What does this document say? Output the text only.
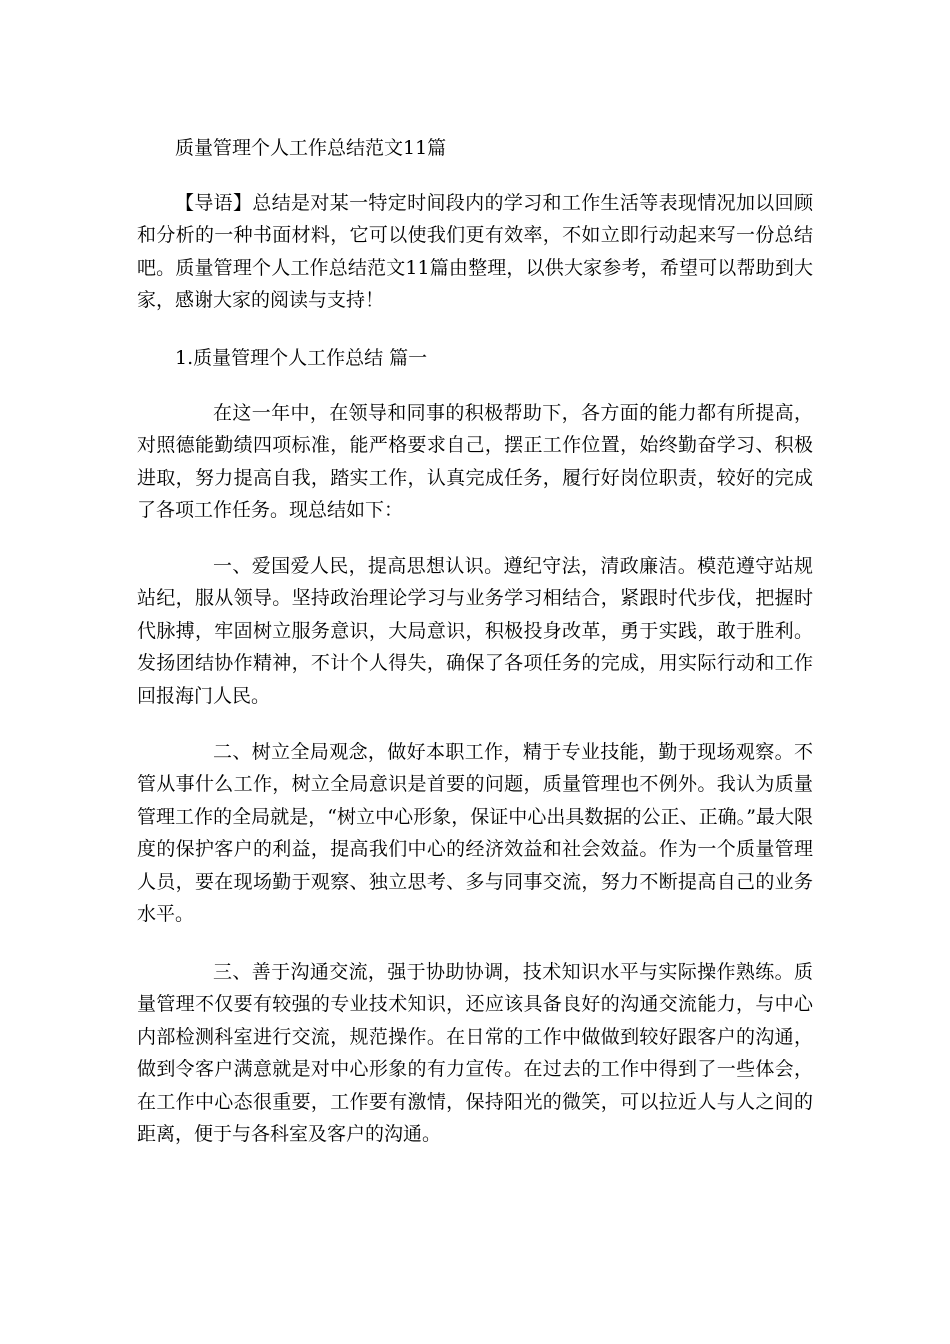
质量管理个人工作总结范文11篇
【导语】总结是对某一特定时间段内的学习和工作生活等表现情况加以回顾和分析的一种书面材料，它可以使我们更有效率，不如立即行动起来写一份总结吧。质量管理个人工作总结范文11篇由整理，以供大家参考，希望可以帮助到大家，感谢大家的阅读与支持！
1.质量管理个人工作总结 篇一
在这一年中，在领导和同事的积极帮助下，各方面的能力都有所提高，对照德能勤绩四项标准，能严格要求自己，摆正工作位置，始终勤奋学习、积极进取，努力提高自我，踏实工作，认真完成任务，履行好岗位职责，较好的完成了各项工作任务。现总结如下：
一、爱国爱人民，提高思想认识。遵纪守法，清政廉洁。模范遵守站规站纪，服从领导。坚持政治理论学习与业务学习相结合，紧跟时代步伐，把握时代脉搏，牢固树立服务意识，大局意识，积极投身改革，勇于实践，敢于胜利。发扬团结协作精神，不计个人得失，确保了各项任务的完成，用实际行动和工作回报海门人民。
二、树立全局观念，做好本职工作，精于专业技能，勤于现场观察。不管从事什么工作，树立全局意识是首要的问题，质量管理也不例外。我认为质量管理工作的全局就是，“树立中心形象，保证中心出具数据的公正、正确。”最大限度的保护客户的利益，提高我们中心的经济效益和社会效益。作为一个质量管理人员，要在现场勤于观察、独立思考、多与同事交流，努力不断提高自己的业务水平。
三、善于沟通交流，强于协助协调，技术知识水平与实际操作熟练。质量管理不仅要有较强的专业技术知识，还应该具备良好的沟通交流能力，与中心内部检测科室进行交流，规范操作。在日常的工作中做做到较好跟客户的沟通，做到令客户满意就是对中心形象的有力宣传。在过去的工作中得到了一些体会，在工作中心态很重要，工作要有激情，保持阳光的微笑，可以拉近人与人之间的距离，便于与各科室及客户的沟通。
